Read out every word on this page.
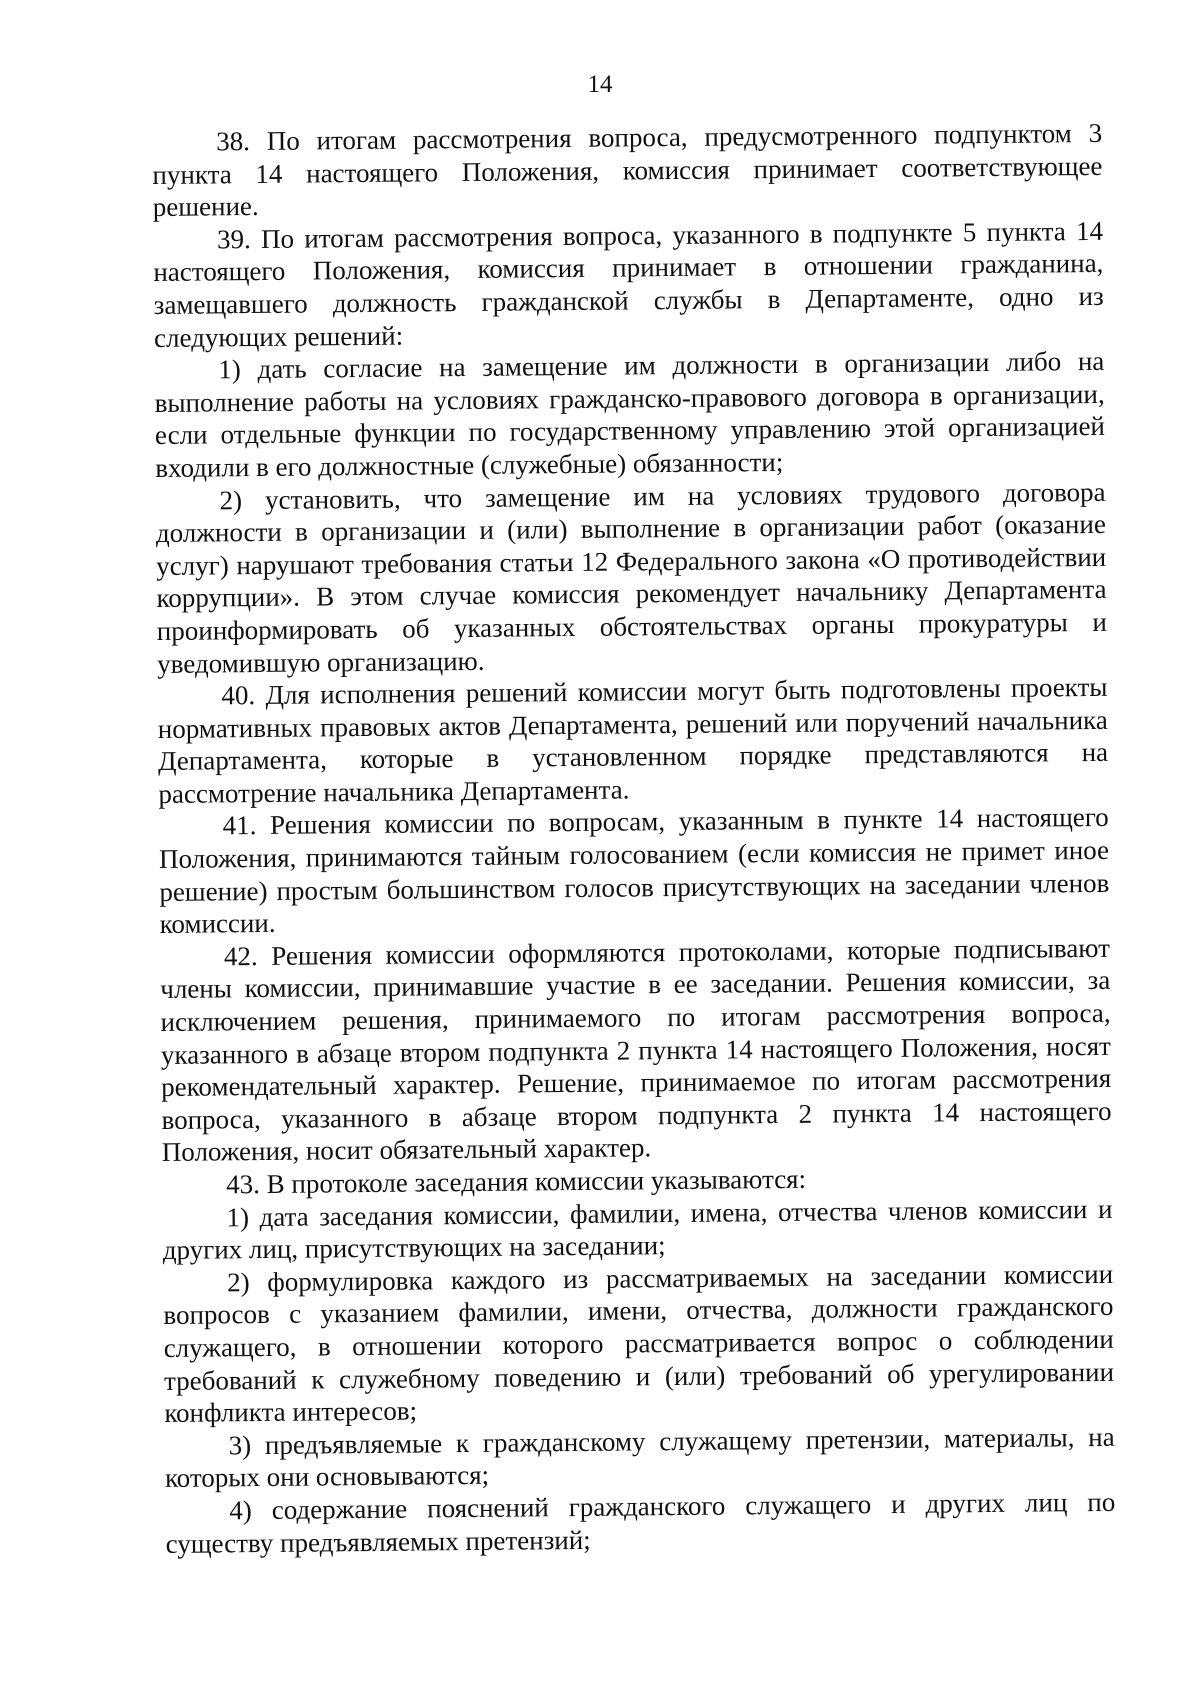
14

38. По итогам рассмотрения вопроса, предусмотренного подпунктом 3 пункта 14 настоящего Положения, комиссия принимает соответствующее решение.

39. По итогам рассмотрения вопроса, указанного в подпункте 5 пункта 14 настоящего Положения, комиссия принимает в отношении гражданина, замещавшего должность гражданской службы в Департаменте, одно из следующих решений:

1) дать согласие на замещение им должности в организации либо на выполнение работы на условиях гражданско-правового договора в организации, если отдельные функции по государственному управлению этой организацией входили в его должностные (служебные) обязанности;

2) установить, что замещение им на условиях трудового договора должности в организации и (или) выполнение в организации работ (оказание услуг) нарушают требования статьи 12 Федерального закона «О противодействии коррупции». В этом случае комиссия рекомендует начальнику Департамента проинформировать об указанных обстоятельствах органы прокуратуры и уведомившую организацию.

40. Для исполнения решений комиссии могут быть подготовлены проекты нормативных правовых актов Департамента, решений или поручений начальника Департамента, которые в установленном порядке представляются на рассмотрение начальника Департамента.

41. Решения комиссии по вопросам, указанным в пункте 14 настоящего Положения, принимаются тайным голосованием (если комиссия не примет иное решение) простым большинством голосов присутствующих на заседании членов комиссии.

42. Решения комиссии оформляются протоколами, которые подписывают члены комиссии, принимавшие участие в ее заседании. Решения комиссии, за исключением решения, принимаемого по итогам рассмотрения вопроса, указанного в абзаце втором подпункта 2 пункта 14 настоящего Положения, носят рекомендательный характер. Решение, принимаемое по итогам рассмотрения вопроса, указанного в абзаце втором подпункта 2 пункта 14 настоящего Положения, носит обязательный характер.

43. В протоколе заседания комиссии указываются:

1) дата заседания комиссии, фамилии, имена, отчества членов комиссии и других лиц, присутствующих на заседании;

2) формулировка каждого из рассматриваемых на заседании комиссии вопросов с указанием фамилии, имени, отчества, должности гражданского служащего, в отношении которого рассматривается вопрос о соблюдении требований к служебному поведению и (или) требований об урегулировании конфликта интересов;

3) предъявляемые к гражданскому служащему претензии, материалы, на которых они основываются;

4) содержание пояснений гражданского служащего и других лиц по существу предъявляемых претензий;
